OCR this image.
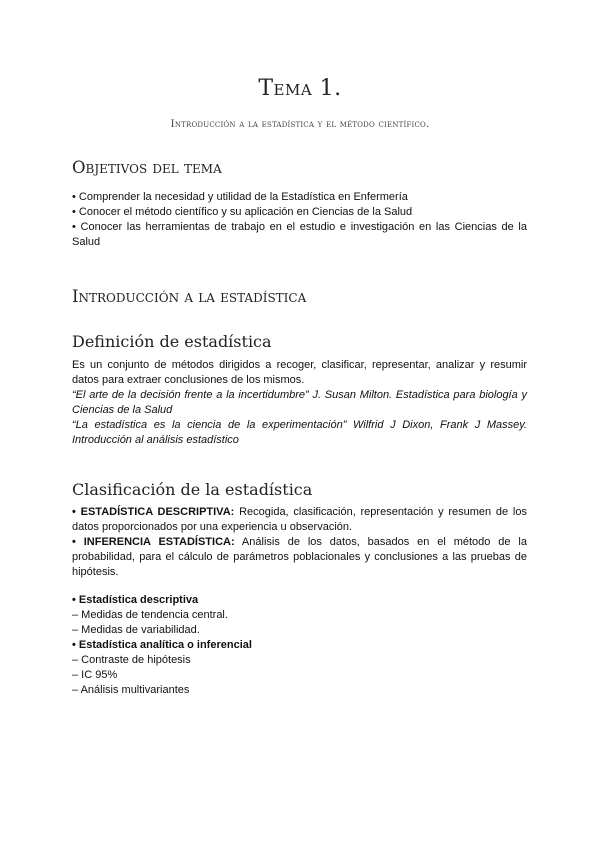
Tema 1.
Introducción a la estadística y el método científico.
Objetivos del tema
• Comprender la necesidad y utilidad de la Estadística en Enfermería
• Conocer el método científico y su aplicación en Ciencias de la Salud
• Conocer las herramientas de trabajo en el estudio e investigación en las Ciencias de la Salud
Introducción a la estadística
Definición de estadística
Es un conjunto de métodos dirigidos a recoger, clasificar, representar, analizar y resumir datos para extraer conclusiones de los mismos.
“El arte de la decisión frente a la incertidumbre” J. Susan Milton. Estadística para biología y Ciencias de la Salud
“La estadística es la ciencia de la experimentación” Wilfrid J Dixon, Frank J Massey. Introducción al análisis estadístico
Clasificación de la estadística
• ESTADÍSTICA DESCRIPTIVA: Recogida, clasificación, representación y resumen de los datos proporcionados por una experiencia u observación.
• INFERENCIA ESTADÍSTICA: Análisis de los datos, basados en el método de la probabilidad, para el cálculo de parámetros poblacionales y conclusiones a las pruebas de hipótesis.
• Estadística descriptiva
– Medidas de tendencia central.
– Medidas de variabilidad.
• Estadística analítica o inferencial
– Contraste de hipótesis
– IC 95%
– Análisis multivariantes
